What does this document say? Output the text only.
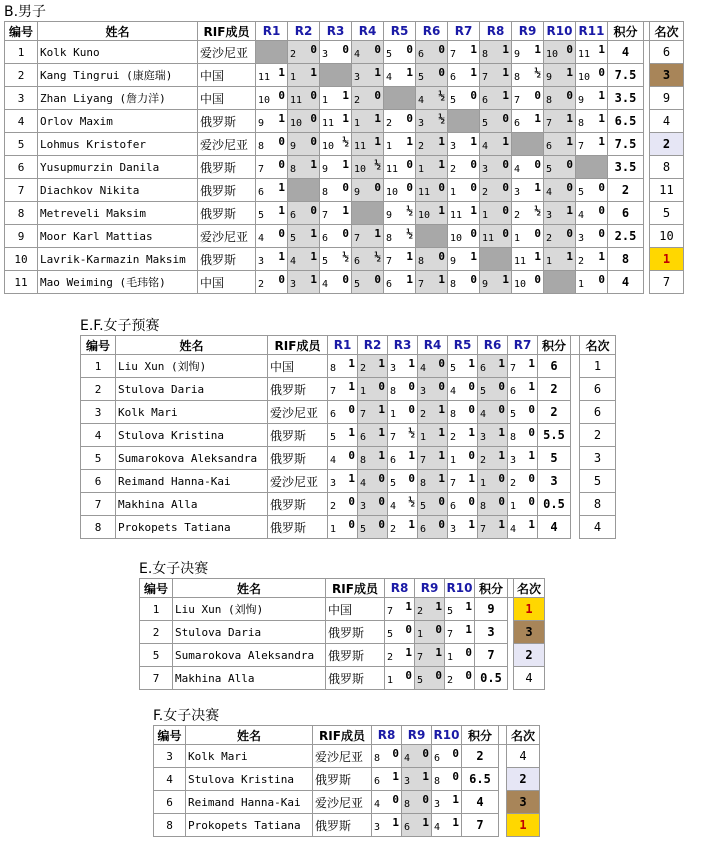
B.男子
编号	姓名	RIF成员	R1	R2	R3	R4	R5	R6	R7	R8	R9	R10	R11	积分		名次
1	Kolk Kuno	爱沙尼亚		2 0	3 0	4 0	5 0	6 0	7 1	8 1	9 1	10 0	11 1	4		6
2	Kang Tingrui (康庭瑞)	中国	11 1	1 1		3 1	4 1	5 0	6 1	7 1	8 ½	9 1	10 0	7.5		3
3	Zhan Liyang (詹力洋)	中国	10 0	11 0	1 1	2 0		4 ½	5 0	6 1	7 0	8 0	9 1	3.5		9
4	Orlov Maxim	俄罗斯	9 1	10 0	11 1	1 1	2 0	3 ½		5 0	6 1	7 1	8 1	6.5		4
5	Lohmus Kristofer	爱沙尼亚	8 0	9 0	10 ½	11 1	1 1	2 1	3 1	4 1		6 1	7 1	7.5		2
6	Yusupmurzin Danila	俄罗斯	7 0	8 1	9 1	10 ½	11 0	1 1	2 0	3 0	4 0	5 0		3.5		8
7	Diachkov Nikita	俄罗斯	6 1		8 0	9 0	10 0	11 0	1 0	2 0	3 1	4 0	5 0	2		11
8	Metreveli Maksim	俄罗斯	5 1	6 0	7 1		9 ½	10 1	11 1	1 0	2 ½	3 1	4 0	6		5
9	Moor Karl Mattias	爱沙尼亚	4 0	5 1	6 0	7 1	8 ½		10 0	11 0	1 0	2 0	3 0	2.5		10
10	Lavrik-Karmazin Maksim	俄罗斯	3 1	4 1	5 ½	6 ½	7 1	8 0	9 1		11 1	1 1	2 1	8		1
11	Mao Weiming (毛玮铭)	中国	2 0	3 1	4 0	5 0	6 1	7 1	8 0	9 1	10 0		1 0	4		7
E.F.女子预赛
编号	姓名	RIF成员	R1	R2	R3	R4	R5	R6	R7	积分		名次
1	Liu Xun (刘恂)	中国	8 1	2 1	3 1	4 0	5 1	6 1	7 1	6		1
2	Stulova Daria	俄罗斯	7 1	1 0	8 0	3 0	4 0	5 0	6 1	2		6
3	Kolk Mari	爱沙尼亚	6 0	7 1	1 0	2 1	8 0	4 0	5 0	2		6
4	Stulova Kristina	俄罗斯	5 1	6 1	7 ½	1 1	2 1	3 1	8 0	5.5		2
5	Sumarokova Aleksandra	俄罗斯	4 0	8 1	6 1	7 1	1 0	2 1	3 1	5		3
6	Reimand Hanna-Kai	爱沙尼亚	3 1	4 0	5 0	8 1	7 1	1 0	2 0	3		5
7	Makhina Alla	俄罗斯	2 0	3 0	4 ½	5 0	6 0	8 0	1 0	0.5		8
8	Prokopets Tatiana	俄罗斯	1 0	5 0	2 1	6 0	3 1	7 1	4 1	4		4
E.女子决赛
编号	姓名	RIF成员	R8	R9	R10	积分		名次
1	Liu Xun (刘恂)	中国	7 1	2 1	5 1	9		1
2	Stulova Daria	俄罗斯	5 0	1 0	7 1	3		3
5	Sumarokova Aleksandra	俄罗斯	2 1	7 1	1 0	7		2
7	Makhina Alla	俄罗斯	1 0	5 0	2 0	0.5		4
F.女子决赛
编号	姓名	RIF成员	R8	R9	R10	积分		名次
3	Kolk Mari	爱沙尼亚	8 0	4 0	6 0	2		4
4	Stulova Kristina	俄罗斯	6 1	3 1	8 0	6.5		2
6	Reimand Hanna-Kai	爱沙尼亚	4 0	8 0	3 1	4		3
8	Prokopets Tatiana	俄罗斯	3 1	6 1	4 1	7		1
